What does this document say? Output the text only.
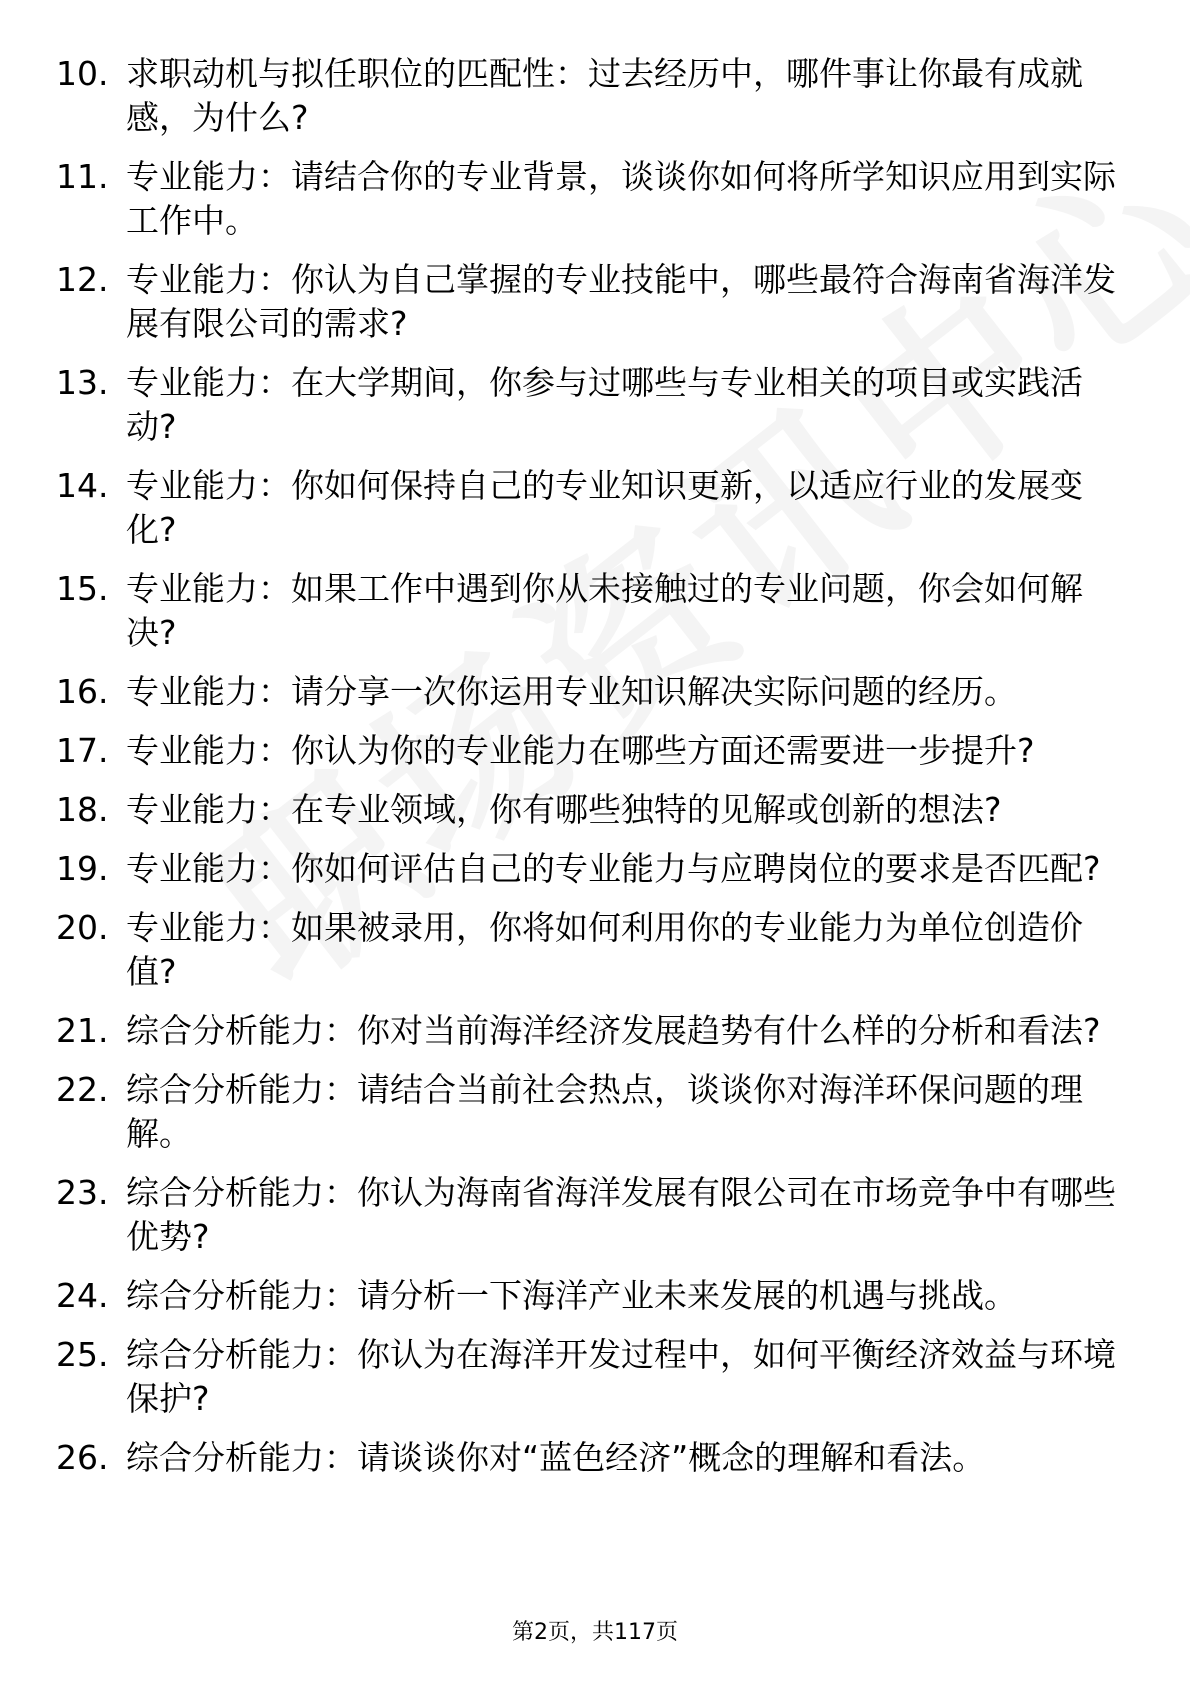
10. 求职动机与拟任职位的匹配性：过去经历中，哪件事让你最有成就感，为什么?
11. 专业能力：请结合你的专业背景，谈谈你如何将所学知识应用到实际工作中。
12. 专业能力：你认为自己掌握的专业技能中，哪些最符合海南省海洋发展有限公司的需求?
13. 专业能力：在大学期间，你参与过哪些与专业相关的项目或实践活动?
14. 专业能力：你如何保持自己的专业知识更新，以适应行业的发展变化?
15. 专业能力：如果工作中遇到你从未接触过的专业问题，你会如何解决?
16. 专业能力：请分享一次你运用专业知识解决实际问题的经历。
17. 专业能力：你认为你的专业能力在哪些方面还需要进一步提升?
18. 专业能力：在专业领域，你有哪些独特的见解或创新的想法?
19. 专业能力：你如何评估自己的专业能力与应聘岗位的要求是否匹配?
20. 专业能力：如果被录用，你将如何利用你的专业能力为单位创造价值?
21. 综合分析能力：你对当前海洋经济发展趋势有什么样的分析和看法?
22. 综合分析能力：请结合当前社会热点，谈谈你对海洋环保问题的理解。
23. 综合分析能力：你认为海南省海洋发展有限公司在市场竞争中有哪些优势?
24. 综合分析能力：请分析一下海洋产业未来发展的机遇与挑战。
25. 综合分析能力：你认为在海洋开发过程中，如何平衡经济效益与环境保护?
26. 综合分析能力：请谈谈你对“蓝色经济”概念的理解和看法。
第2页，共117页
